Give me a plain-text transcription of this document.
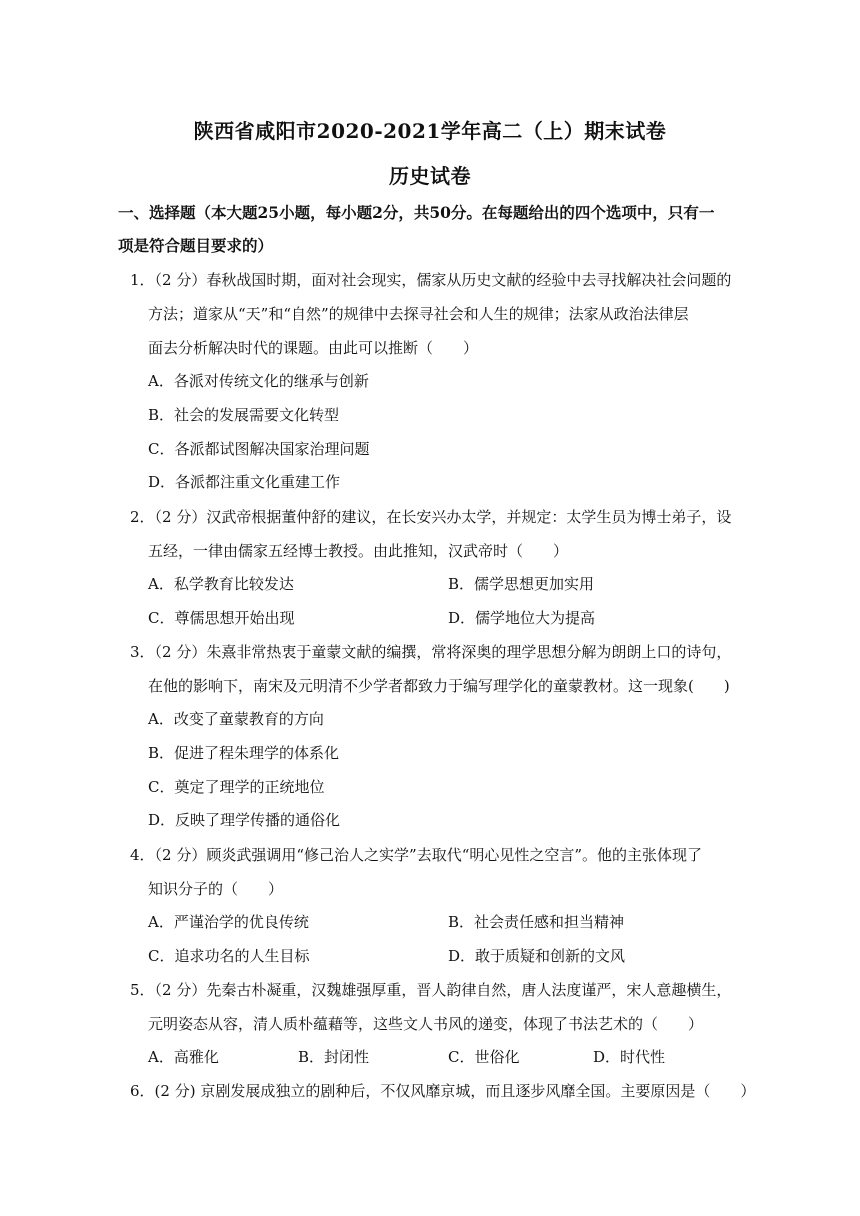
陕西省咸阳市2020-2021学年高二（上）期末试卷
历史试卷
一、选择题（本大题25小题，每小题2分，共50分。在每题给出的四个选项中，只有一
项是符合题目要求的）
1．（2 分）春秋战国时期，面对社会现实，儒家从历史文献的经验中去寻找解决社会问题的
方法；道家从“天”和“自然”的规律中去探寻社会和人生的规律；法家从政治法律层
面去分析解决时代的课题。由此可以推断（　　）
A．各派对传统文化的继承与创新
B．社会的发展需要文化转型
C．各派都试图解决国家治理问题
D．各派都注重文化重建工作
2．（2 分）汉武帝根据董仲舒的建议，在长安兴办太学，并规定：太学生员为博士弟子，设
五经，一律由儒家五经博士教授。由此推知，汉武帝时（　　）
A．私学教育比较发达	B．儒学思想更加实用
C．尊儒思想开始出现	D．儒学地位大为提高
3．（2 分）朱熹非常热衷于童蒙文献的编撰，常将深奥的理学思想分解为朗朗上口的诗句，
在他的影响下，南宋及元明清不少学者都致力于编写理学化的童蒙教材。这一现象(　　)
A．改变了童蒙教育的方向
B．促进了程朱理学的体系化
C．奠定了理学的正统地位
D．反映了理学传播的通俗化
4．（2 分）顾炎武强调用“修己治人之实学”去取代“明心见性之空言”。他的主张体现了
知识分子的（　　）
A．严谨治学的优良传统	B．社会责任感和担当精神
C．追求功名的人生目标	D．敢于质疑和创新的文风
5．（2 分）先秦古朴凝重，汉魏雄强厚重，晋人韵律自然，唐人法度谨严，宋人意趣横生，
元明姿态从容，清人质朴蕴藉等，这些文人书风的递变，体现了书法艺术的（　　）
A．高雅化	B．封闭性	C．世俗化	D．时代性
6．(2 分) 京剧发展成独立的剧种后，不仅风靡京城，而且逐步风靡全国。主要原因是（　　）
